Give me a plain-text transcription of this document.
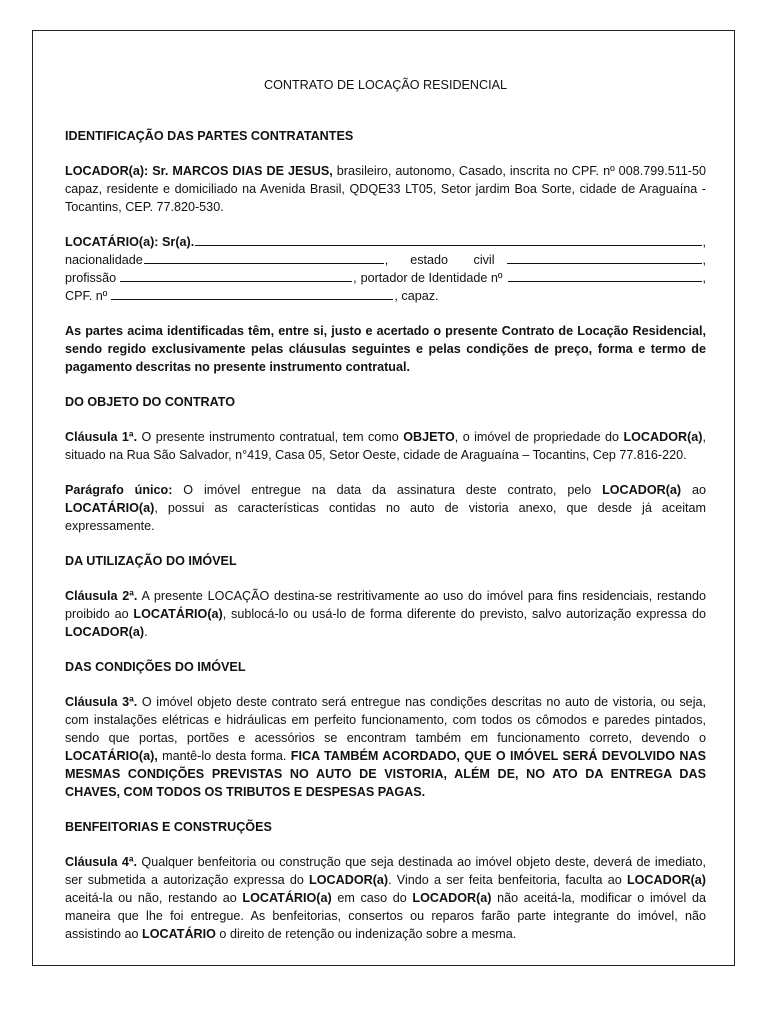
CONTRATO DE LOCAÇÃO RESIDENCIAL
IDENTIFICAÇÃO DAS PARTES CONTRATANTES

LOCADOR(a): Sr. MARCOS DIAS DE JESUS, brasileiro, autonomo, Casado, inscrita no CPF. nº 008.799.511-50 capaz, residente e domiciliado na Avenida Brasil, QDQE33 LT05, Setor jardim Boa Sorte, cidade de Araguaína - Tocantins, CEP. 77.820-530.

LOCATÁRIO(a):
Sr(a).	,
nacionalidade	, estado civil	,
profissão	, portador de Identidade nº	,
CPF. nº	, capaz.

As partes acima identificadas têm, entre si, justo e acertado o presente Contrato de Locação Residencial, sendo regido exclusivamente pelas cláusulas seguintes e pelas condições de preço, forma e termo de pagamento descritas no presente instrumento contratual.

DO OBJETO DO CONTRATO

Cláusula 1ª. O presente instrumento contratual, tem como OBJETO, o imóvel de propriedade do LOCADOR(a), situado na Rua São Salvador, n°419, Casa 05, Setor Oeste, cidade de Araguaína – Tocantins, Cep 77.816-220.

Parágrafo único: O imóvel entregue na data da assinatura deste contrato, pelo LOCADOR(a) ao LOCATÁRIO(a), possui as características contidas no auto de vistoria anexo, que desde já aceitam expressamente.

DA UTILIZAÇÃO DO IMÓVEL

Cláusula 2ª. A presente LOCAÇÃO destina-se restritivamente ao uso do imóvel para fins residenciais, restando proibido ao LOCATÁRIO(a), sublocá-lo ou usá-lo de forma diferente do previsto, salvo autorização expressa do LOCADOR(a).

DAS CONDIÇÕES DO IMÓVEL

Cláusula 3ª. O imóvel objeto deste contrato será entregue nas condições descritas no auto de vistoria, ou seja, com instalações elétricas e hidráulicas em perfeito funcionamento, com todos os cômodos e paredes pintados, sendo que portas, portões e acessórios se encontram também em funcionamento correto, devendo o LOCATÁRIO(a), mantê-lo desta forma. FICA TAMBÉM ACORDADO, QUE O IMÓVEL SERÁ DEVOLVIDO NAS MESMAS CONDIÇÕES PREVISTAS NO AUTO DE VISTORIA, ALÉM DE, NO ATO DA ENTREGA DAS CHAVES, COM TODOS OS TRIBUTOS E DESPESAS PAGAS.

BENFEITORIAS E CONSTRUÇÕES

Cláusula 4ª. Qualquer benfeitoria ou construção que seja destinada ao imóvel objeto deste, deverá de imediato, ser submetida a autorização expressa do LOCADOR(a). Vindo a ser feita benfeitoria, faculta ao LOCADOR(a) aceitá-la ou não, restando ao LOCATÁRIO(a) em caso do LOCADOR(a) não aceitá-la, modificar o imóvel da maneira que lhe foi entregue. As benfeitorias, consertos ou reparos farão parte integrante do imóvel, não assistindo ao LOCATÁRIO o direito de retenção ou indenização sobre a mesma.
